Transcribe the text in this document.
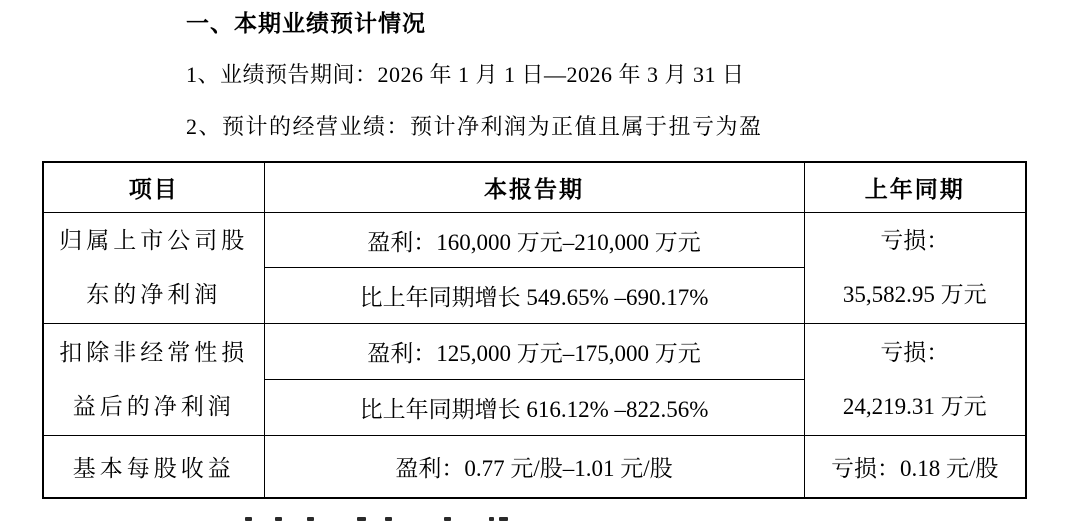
一、本期业绩预计情况
1、业绩预告期间：2026 年 1 月 1 日—2026 年 3 月 31 日
2、预计的经营业绩：预计净利润为正值且属于扭亏为盈
项目	本报告期	上年同期

归属上市公司股
东的净利润	盈利：160,000 万元–210,000 万元	亏损：
35,582.95 万元

	比上年同期增长 549.65% –690.17%	

扣除非经常性损
益后的净利润	盈利：125,000 万元–175,000 万元	亏损：
24,219.31 万元

	比上年同期增长 616.12% –822.56%	
基本每股收益	盈利：0.77 元/股–1.01 元/股	亏损：0.18 元/股
